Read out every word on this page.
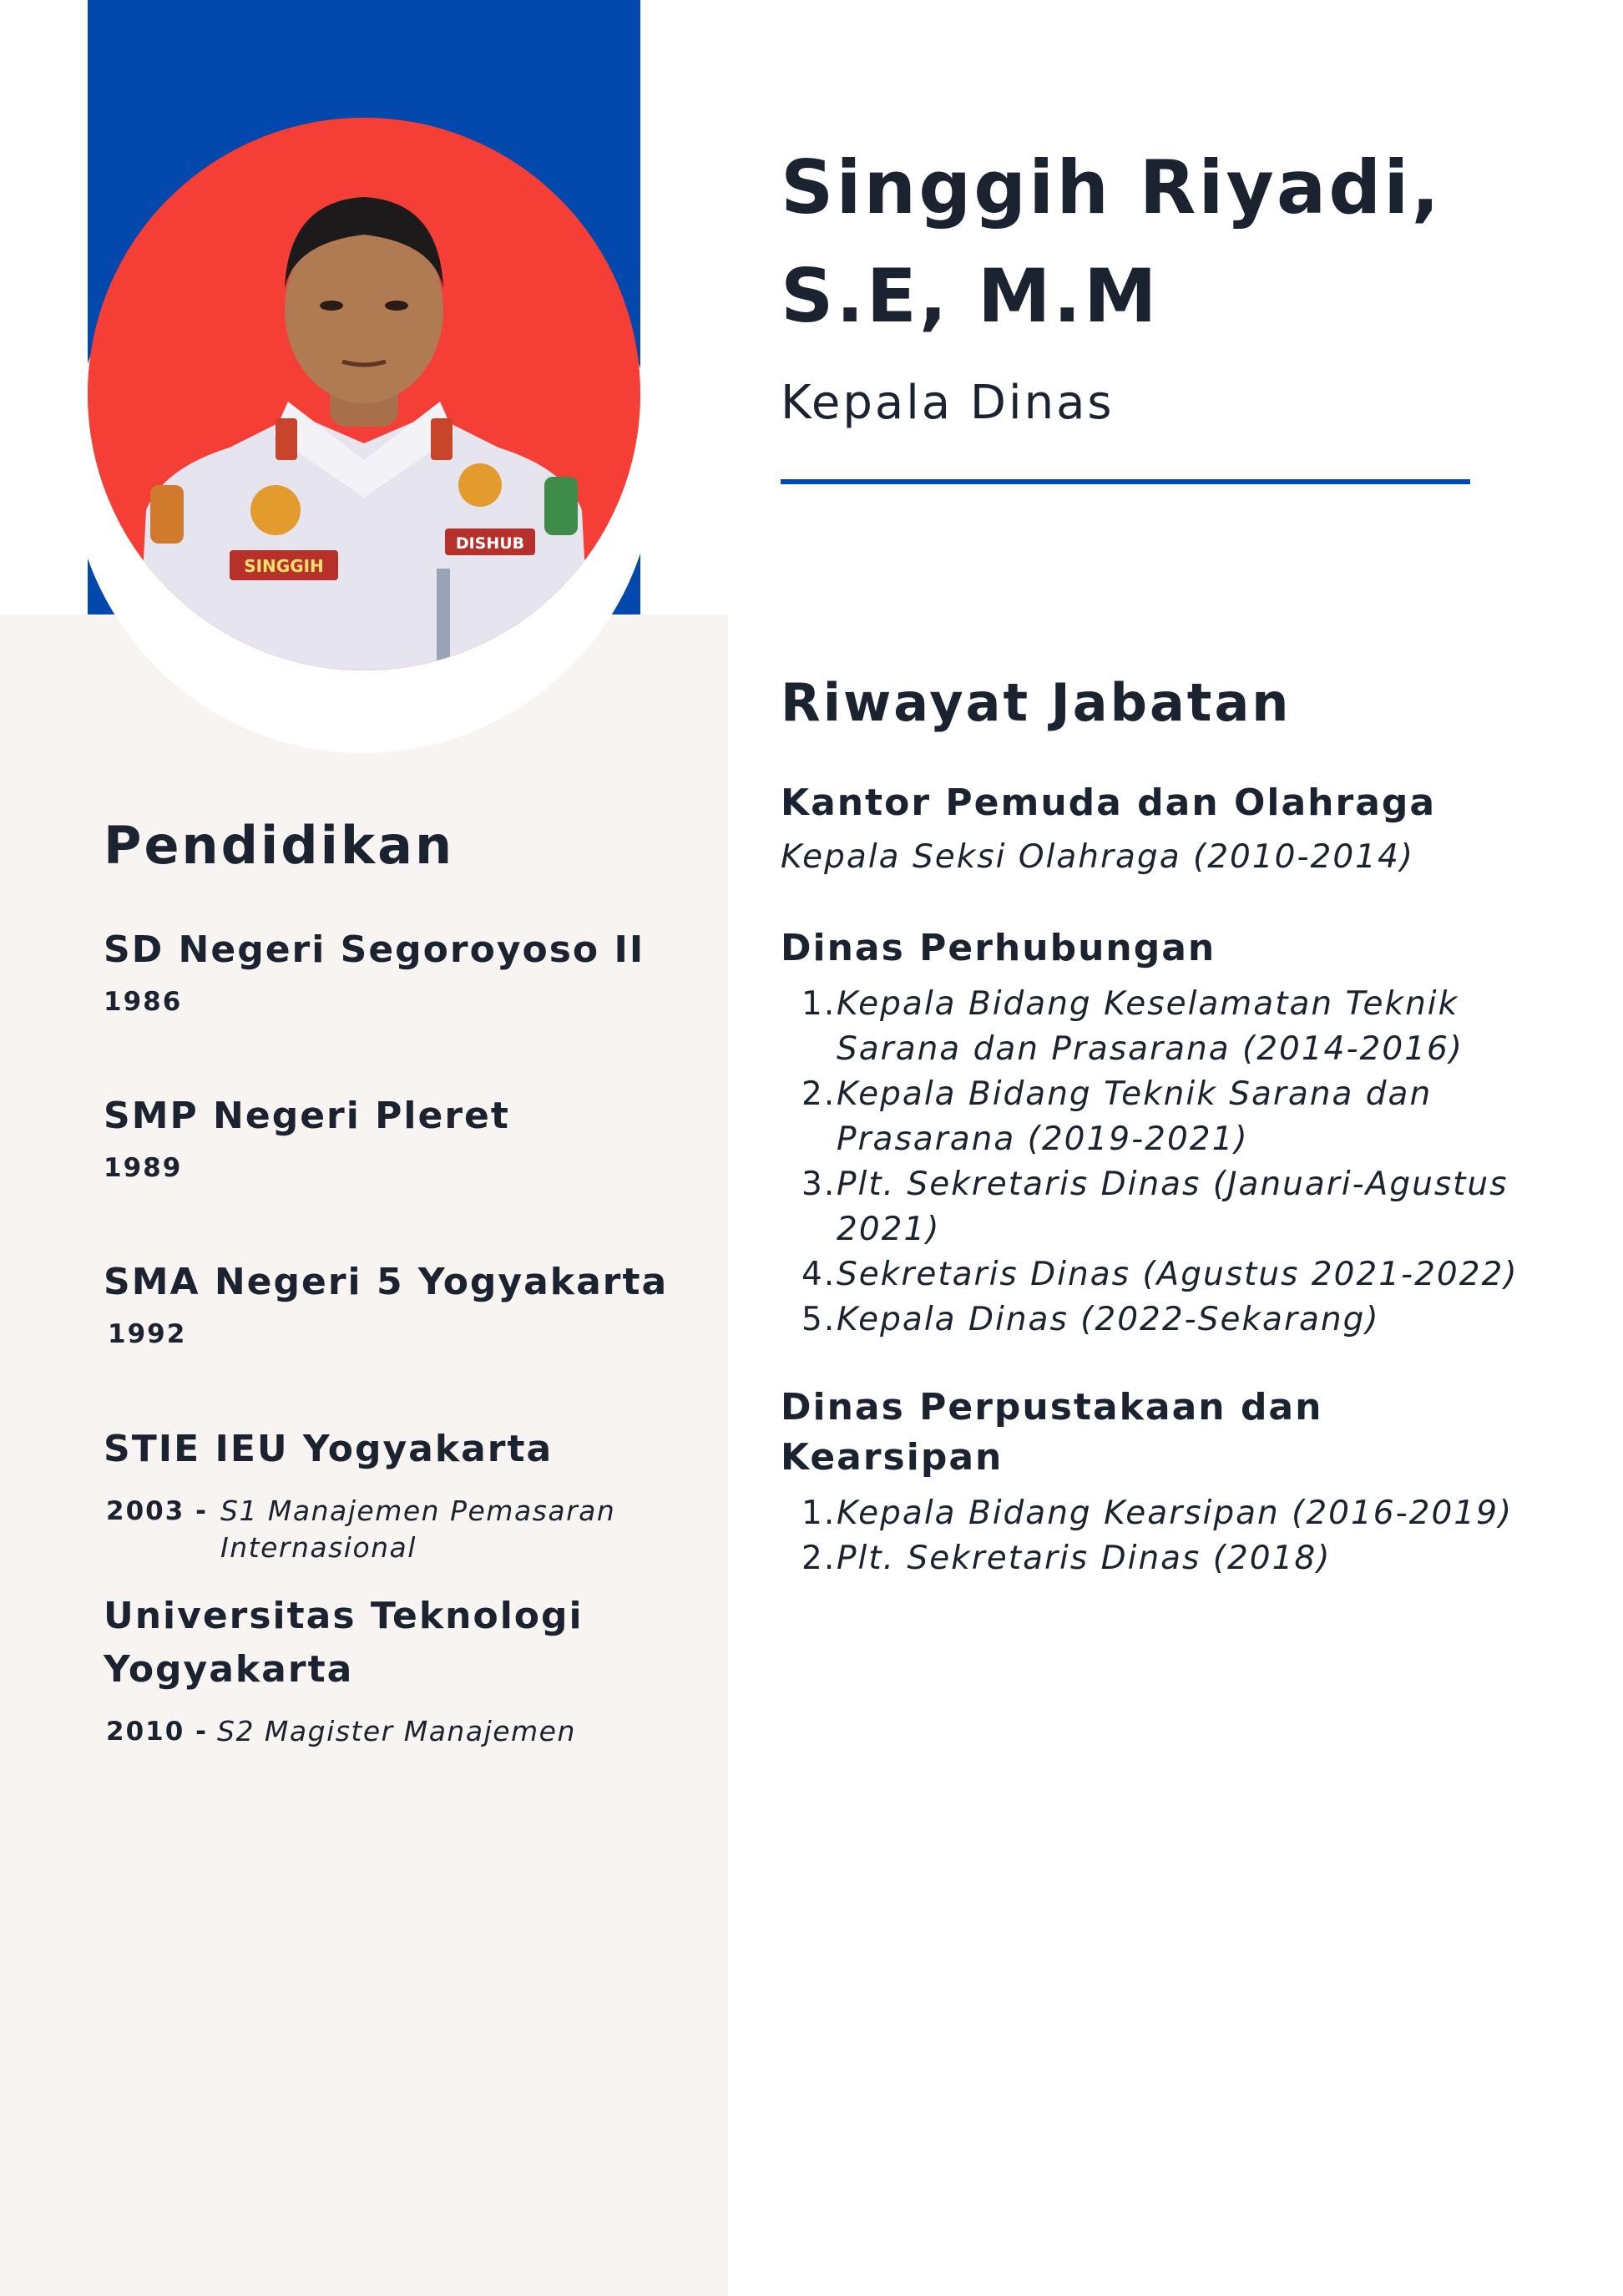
SINGGIH
DISHUB
Singgih Riyadi, S.E, M.M

Kepala Dinas

Pendidikan

SD Negeri Segoroyoso II

1986

SMP Negeri Pleret

1989

SMA Negeri 5 Yogyakarta

1992

STIE IEU Yogyakarta

2003 - S1 Manajemen Pemasaran Internasional

Universitas Teknologi Yogyakarta

2010 - S2 Magister Manajemen

Riwayat Jabatan

Kantor Pemuda dan Olahraga

Kepala Seksi Olahraga (2010-2014)

Dinas Perhubungan

1. Kepala Bidang Keselamatan Teknik Sarana dan Prasarana (2014-2016)
2. Kepala Bidang Teknik Sarana dan Prasarana (2019-2021)
3. Plt. Sekretaris Dinas (Januari-Agustus 2021)
4. Sekretaris Dinas (Agustus 2021-2022)
5. Kepala Dinas (2022-Sekarang)

Dinas Perpustakaan dan Kearsipan

1. Kepala Bidang Kearsipan (2016-2019)
2. Plt. Sekretaris Dinas (2018)
